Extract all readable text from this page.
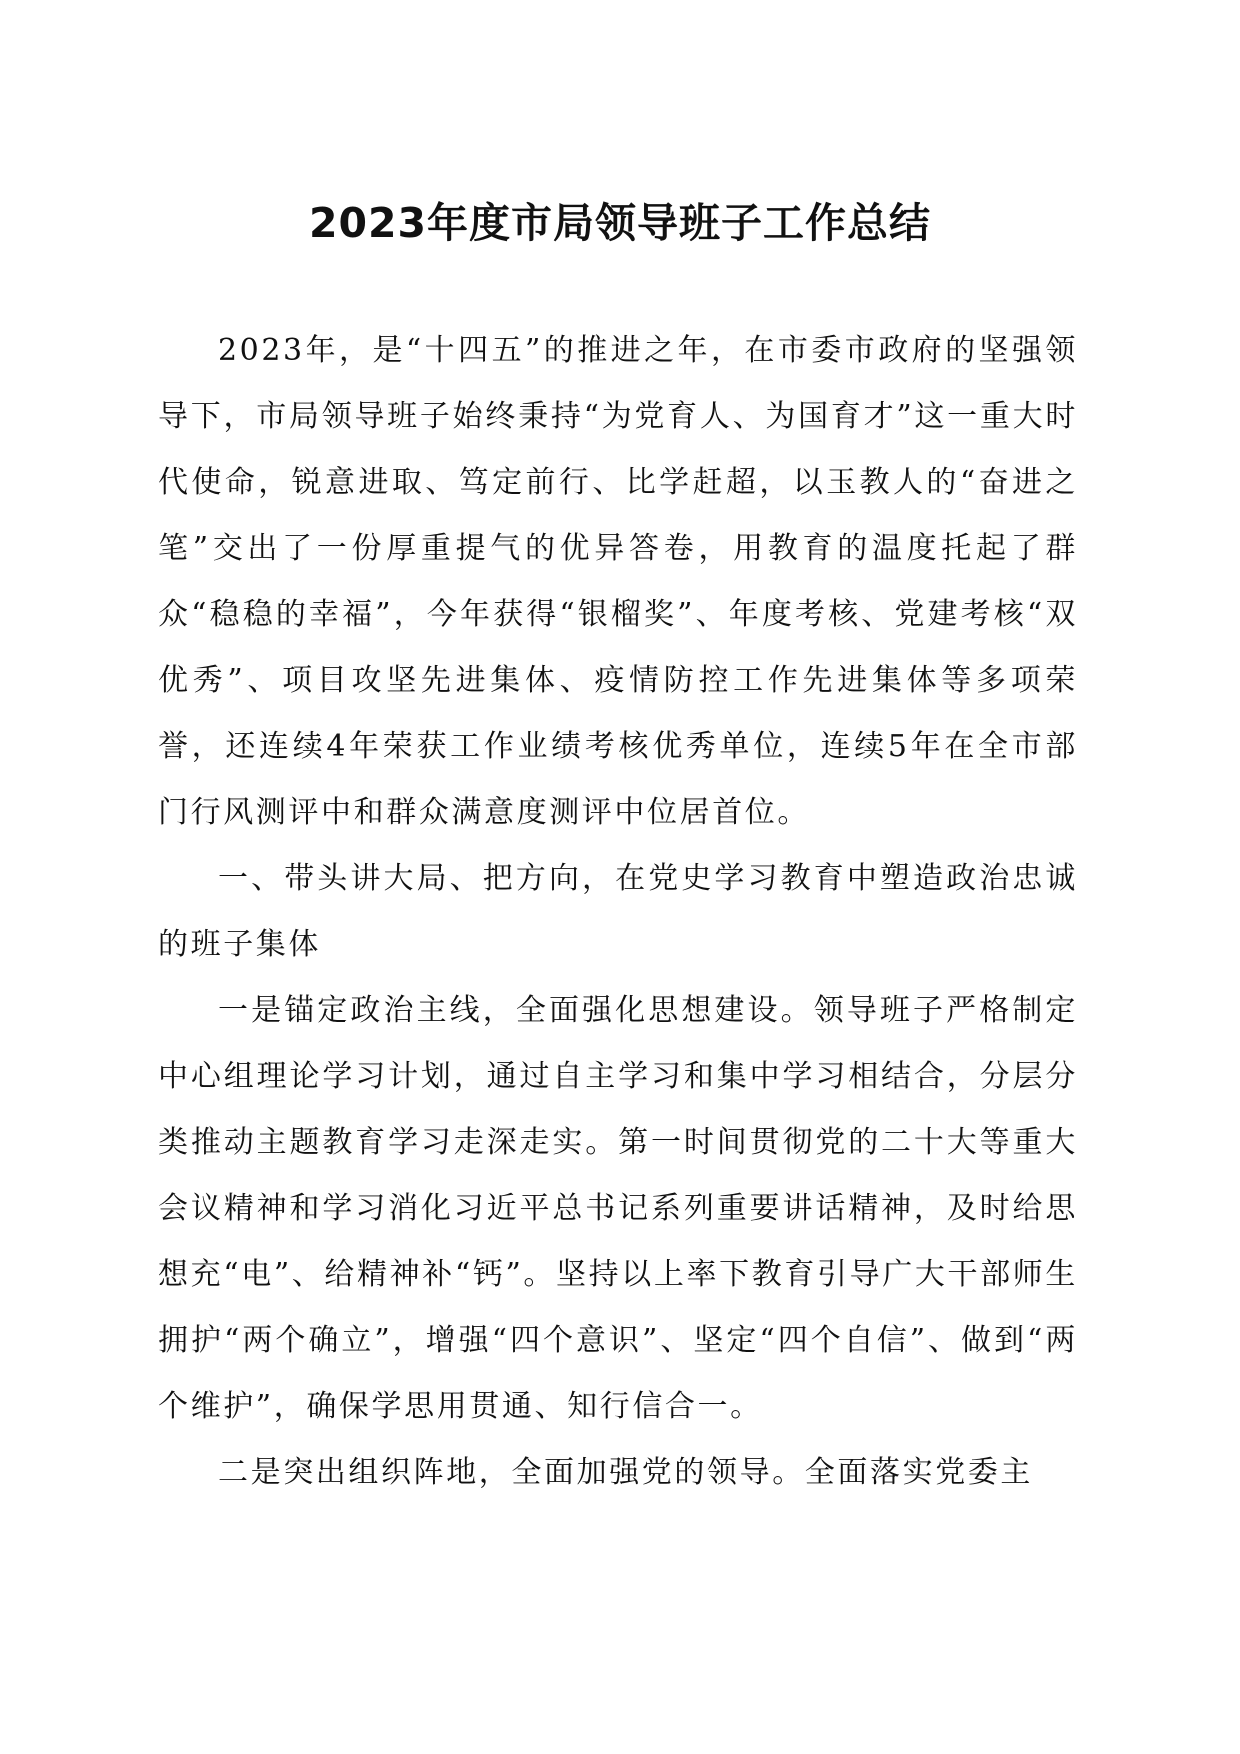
2023年度市局领导班子工作总结

2023年，是“十四五”的推进之年，在市委市政府的坚强领导下，市局领导班子始终秉持“为党育人、为国育才”这一重大时代使命，锐意进取、笃定前行、比学赶超，以玉教人的“奋进之笔”交出了一份厚重提气的优异答卷，用教育的温度托起了群众“稳稳的幸福”，今年获得“银榴奖”、年度考核、党建考核“双优秀”、项目攻坚先进集体、疫情防控工作先进集体等多项荣誉，还连续4年荣获工作业绩考核优秀单位，连续5年在全市部门行风测评中和群众满意度测评中位居首位。

一、带头讲大局、把方向，在党史学习教育中塑造政治忠诚的班子集体

一是锚定政治主线，全面强化思想建设。领导班子严格制定中心组理论学习计划，通过自主学习和集中学习相结合，分层分类推动主题教育学习走深走实。第一时间贯彻党的二十大等重大会议精神和学习消化习近平总书记系列重要讲话精神，及时给思想充“电”、给精神补“钙”。坚持以上率下教育引导广大干部师生拥护“两个确立”，增强“四个意识”、坚定“四个自信”、做到“两个维护”，确保学思用贯通、知行信合一。

二是突出组织阵地，全面加强党的领导。全面落实党委主
